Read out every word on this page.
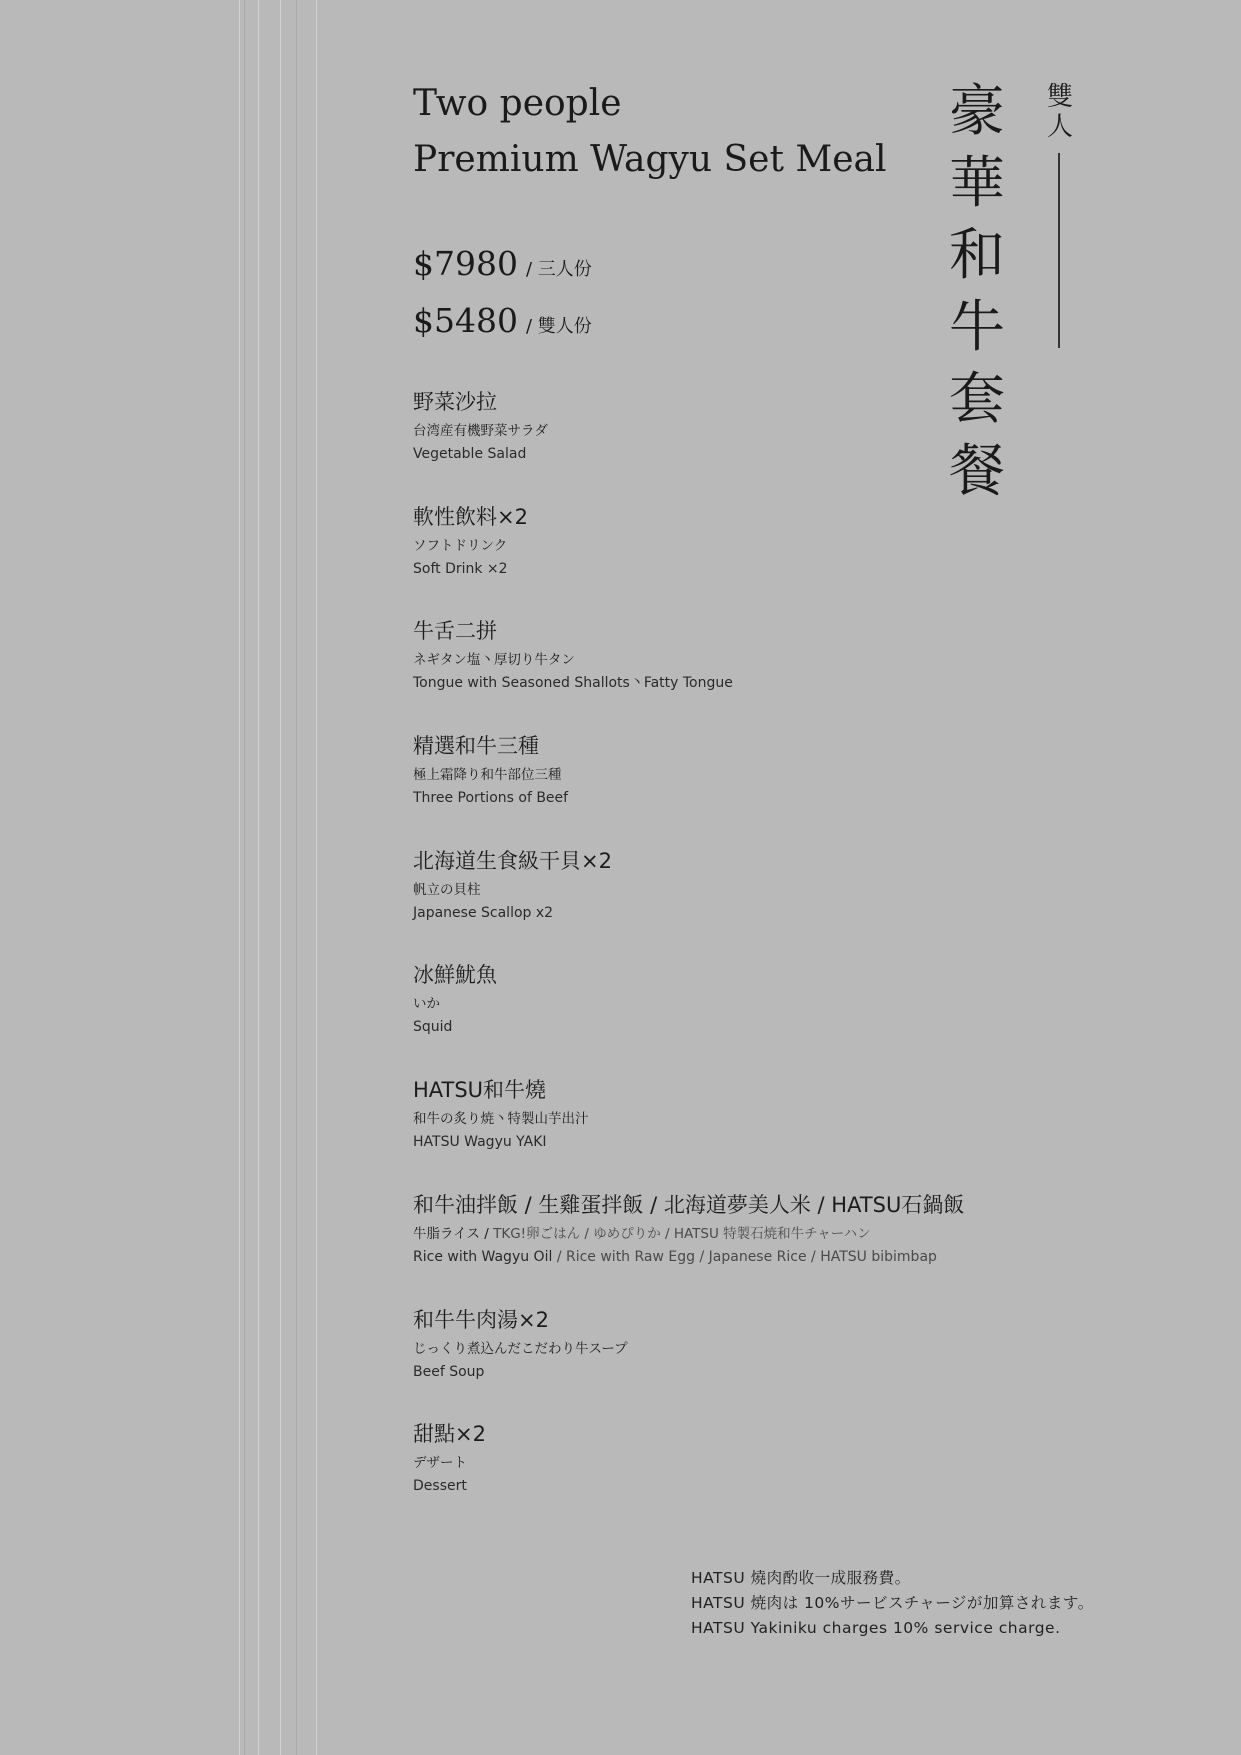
Two people
Premium Wagyu Set Meal
$7980 / 三人份
$5480 / 雙人份
野菜沙拉
台湾産有機野菜サラダ
Vegetable Salad
軟性飲料×2
ソフトドリンク
Soft Drink ×2
牛舌二拼
ネギタン塩丶厚切り牛タン
Tongue with Seasoned Shallots丶Fatty Tongue
精選和牛三種
極上霜降り和牛部位三種
Three Portions of Beef
北海道生食級干貝×2
帆立の貝柱
Japanese Scallop x2
冰鮮魷魚
いか
Squid
HATSU和牛燒
和牛の炙り焼丶特製山芋出汁
HATSU Wagyu YAKI
和牛油拌飯 / 生雞蛋拌飯 / 北海道夢美人米 / HATSU石鍋飯
牛脂ライス / TKG!卵ごはん / ゆめぴりか / HATSU 特製石焼和牛チャーハン
Rice with Wagyu Oil / Rice with Raw Egg / Japanese Rice / HATSU bibimbap
和牛牛肉湯×2
じっくり煮込んだこだわり牛スープ
Beef Soup
甜點×2
デザート
Dessert
雙
人
豪
華
和
牛
套
餐
HATSU 燒肉酌收一成服務費。
HATSU 焼肉は 10%サービスチャージが加算されます。
HATSU Yakiniku charges 10% service charge.
